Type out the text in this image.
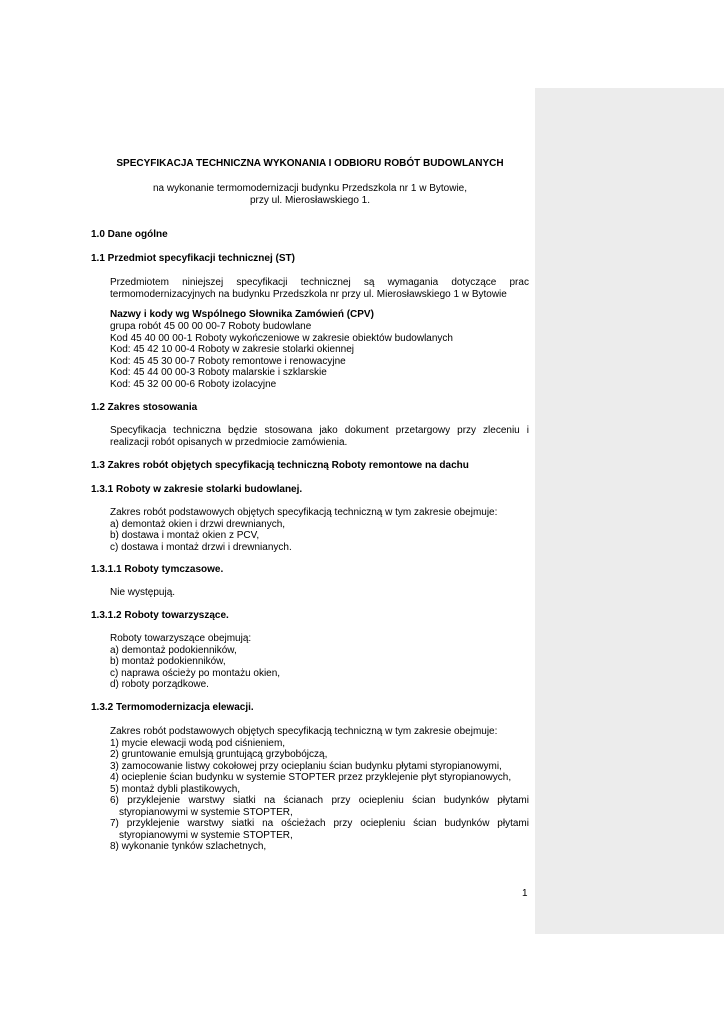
SPECYFIKACJA TECHNICZNA WYKONANIA I ODBIORU ROBÓT BUDOWLANYCH
na wykonanie termomodernizacji budynku Przedszkola nr 1 w Bytowie,
przy ul. Mierosławskiego 1.
1.0 Dane ogólne
1.1 Przedmiot specyfikacji technicznej (ST)
Przedmiotem niniejszej specyfikacji technicznej są wymagania dotyczące prac
termomodernizacyjnych na budynku Przedszkola nr przy ul. Mierosławskiego 1 w Bytowie
Nazwy i kody wg Wspólnego Słownika Zamówień (CPV)
grupa robót 45 00 00 00-7 Roboty budowlane
Kod 45 40 00 00-1 Roboty wykończeniowe w zakresie obiektów budowlanych
Kod: 45 42 10 00-4 Roboty w zakresie stolarki okiennej
Kod: 45 45 30 00-7 Roboty remontowe i renowacyjne
Kod: 45 44 00 00-3 Roboty malarskie i szklarskie
Kod: 45 32 00 00-6 Roboty izolacyjne
1.2 Zakres stosowania
Specyfikacja techniczna będzie stosowana jako dokument przetargowy przy zleceniu i
realizacji robót opisanych w przedmiocie zamówienia.
1.3 Zakres robót objętych specyfikacją techniczną Roboty remontowe na dachu
1.3.1 Roboty w zakresie stolarki budowlanej.
Zakres robót podstawowych objętych specyfikacją techniczną w tym zakresie obejmuje:
a) demontaż okien i drzwi drewnianych,
b) dostawa i montaż okien z PCV,
c) dostawa i montaż drzwi i drewnianych.
1.3.1.1 Roboty tymczasowe.
Nie występują.
1.3.1.2 Roboty towarzyszące.
Roboty towarzyszące obejmują:
a) demontaż podokienników,
b) montaż podokienników,
c) naprawa ościeży po montażu okien,
d) roboty porządkowe.
1.3.2 Termomodernizacja elewacji.
Zakres robót podstawowych objętych specyfikacją techniczną w tym zakresie obejmuje:
1) mycie elewacji wodą pod ciśnieniem,
2) gruntowanie emulsją gruntującą grzybobójczą,
3) zamocowanie listwy cokołowej przy ocieplaniu ścian budynku płytami styropianowymi,
4) ocieplenie ścian budynku w systemie STOPTER przez przyklejenie płyt styropianowych,
5) montaż dybli plastikowych,
6) przyklejenie warstwy siatki na ścianach przy ociepleniu ścian budynków płytami
styropianowymi w systemie STOPTER,
7) przyklejenie warstwy siatki na ościeżach przy ociepleniu ścian budynków płytami
styropianowymi w systemie STOPTER,
8) wykonanie tynków szlachetnych,
1
